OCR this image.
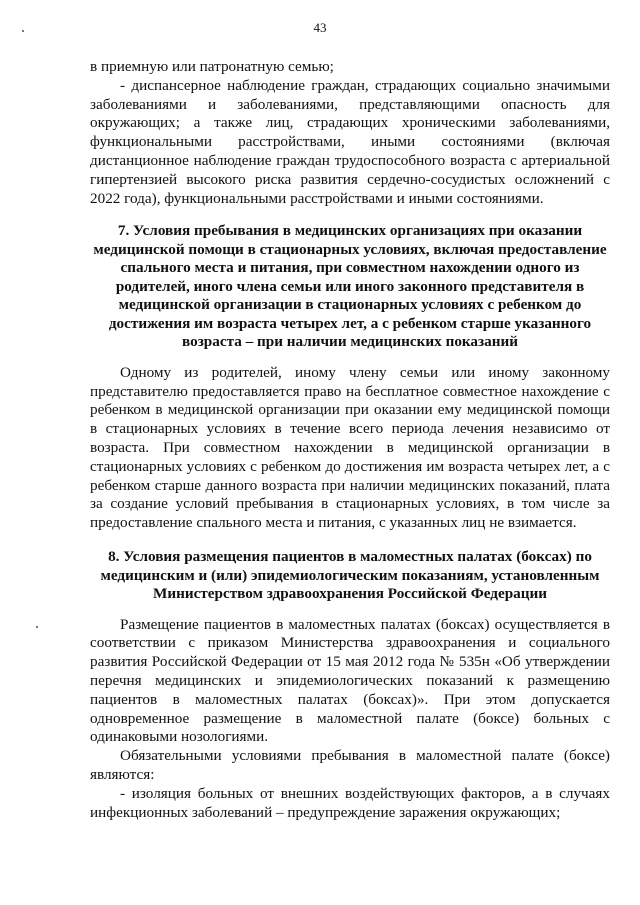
43

в приемную или патронатную семью;

- диспансерное наблюдение граждан, страдающих социально значимыми заболеваниями и заболеваниями, представляющими опасность для окружающих; а также лиц, страдающих хроническими заболеваниями, функциональными расстройствами, иными состояниями (включая дистанционное наблюдение граждан трудоспособного возраста с артериальной гипертензией высокого риска развития сердечно-сосудистых осложнений с 2022 года), функциональными расстройствами и иными состояниями.

7. Условия пребывания в медицинских организациях при оказании медицинской помощи в стационарных условиях, включая предоставление спального места и питания, при совместном нахождении одного из родителей, иного члена семьи или иного законного представителя в медицинской организации в стационарных условиях с ребенком до достижения им возраста четырех лет, а с ребенком старше указанного возраста – при наличии медицинских показаний

Одному из родителей, иному члену семьи или иному законному представителю предоставляется право на бесплатное совместное нахождение с ребенком в медицинской организации при оказании ему медицинской помощи в стационарных условиях в течение всего периода лечения независимо от возраста. При совместном нахождении в медицинской организации в стационарных условиях с ребенком до достижения им возраста четырех лет, а с ребенком старше данного возраста при наличии медицинских показаний, плата за создание условий пребывания в стационарных условиях, в том числе за предоставление спального места и питания, с указанных лиц не взимается.

8. Условия размещения пациентов в маломестных палатах (боксах) по медицинским и (или) эпидемиологическим показаниям, установленным Министерством здравоохранения Российской Федерации

Размещение пациентов в маломестных палатах (боксах) осуществляется в соответствии с приказом Министерства здравоохранения и социального развития Российской Федерации от 15 мая 2012 года № 535н «Об утверждении перечня медицинских и эпидемиологических показаний к размещению пациентов в маломестных палатах (боксах)». При этом допускается одновременное размещение в маломестной палате (боксе) больных с одинаковыми нозологиями.

Обязательными условиями пребывания в маломестной палате (боксе) являются:

- изоляция больных от внешних воздействующих факторов, а в случаях инфекционных заболеваний – предупреждение заражения окружающих;
